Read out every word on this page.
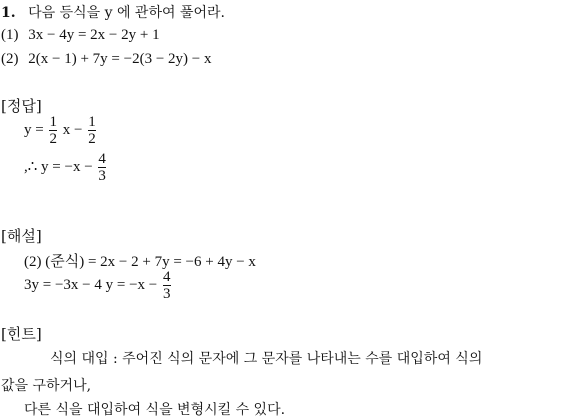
1. 다음 등식을 y 에 관하여 풀어라.
(1) 3x − 4y = 2x − 2y + 1
(2) 2(x − 1) + 7y = −2(3 − 2y) − x
[정답]
$y = \frac{1}{2}$ $x - \frac{1}{2}$
,∴ $y = -x - \frac{4}{3}$
[해설]
(2) (준식) = 2x − 2 + 7y = −6 + 4y − x
3y = −3x − 4 $y = -x - \frac{4}{3}$
[힌트]
식의 대입 : 주어진 식의 문자에 그 문자를 나타내는 수를 대입하여 식의
값을 구하거나,
다른 식을 대입하여 식을 변형시킬 수 있다.
